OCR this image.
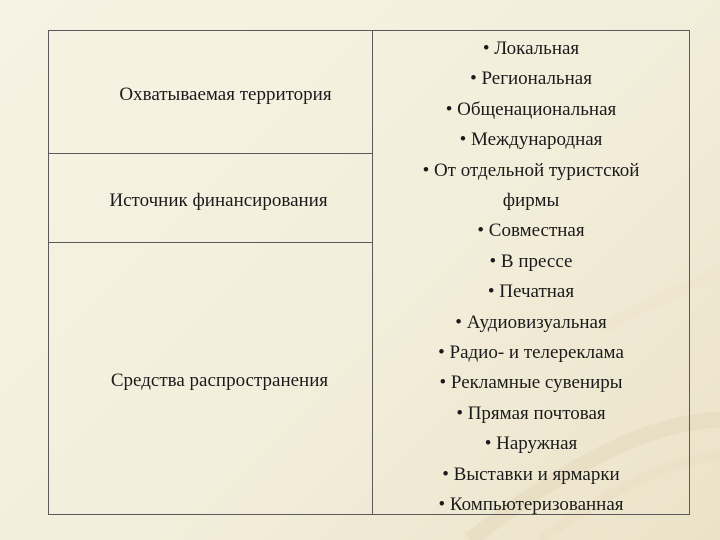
Охватываемая территория
Источник финансирования
Средства распространения
• Локальная
• Региональная
• Общенациональная
• Международная
• От отдельной туристской
фирмы
• Совместная
• В прессе
• Печатная
• Аудиовизуальная
• Радио- и телереклама
• Рекламные сувениры
• Прямая почтовая
• Наружная
• Выставки и ярмарки
• Компьютеризованная
